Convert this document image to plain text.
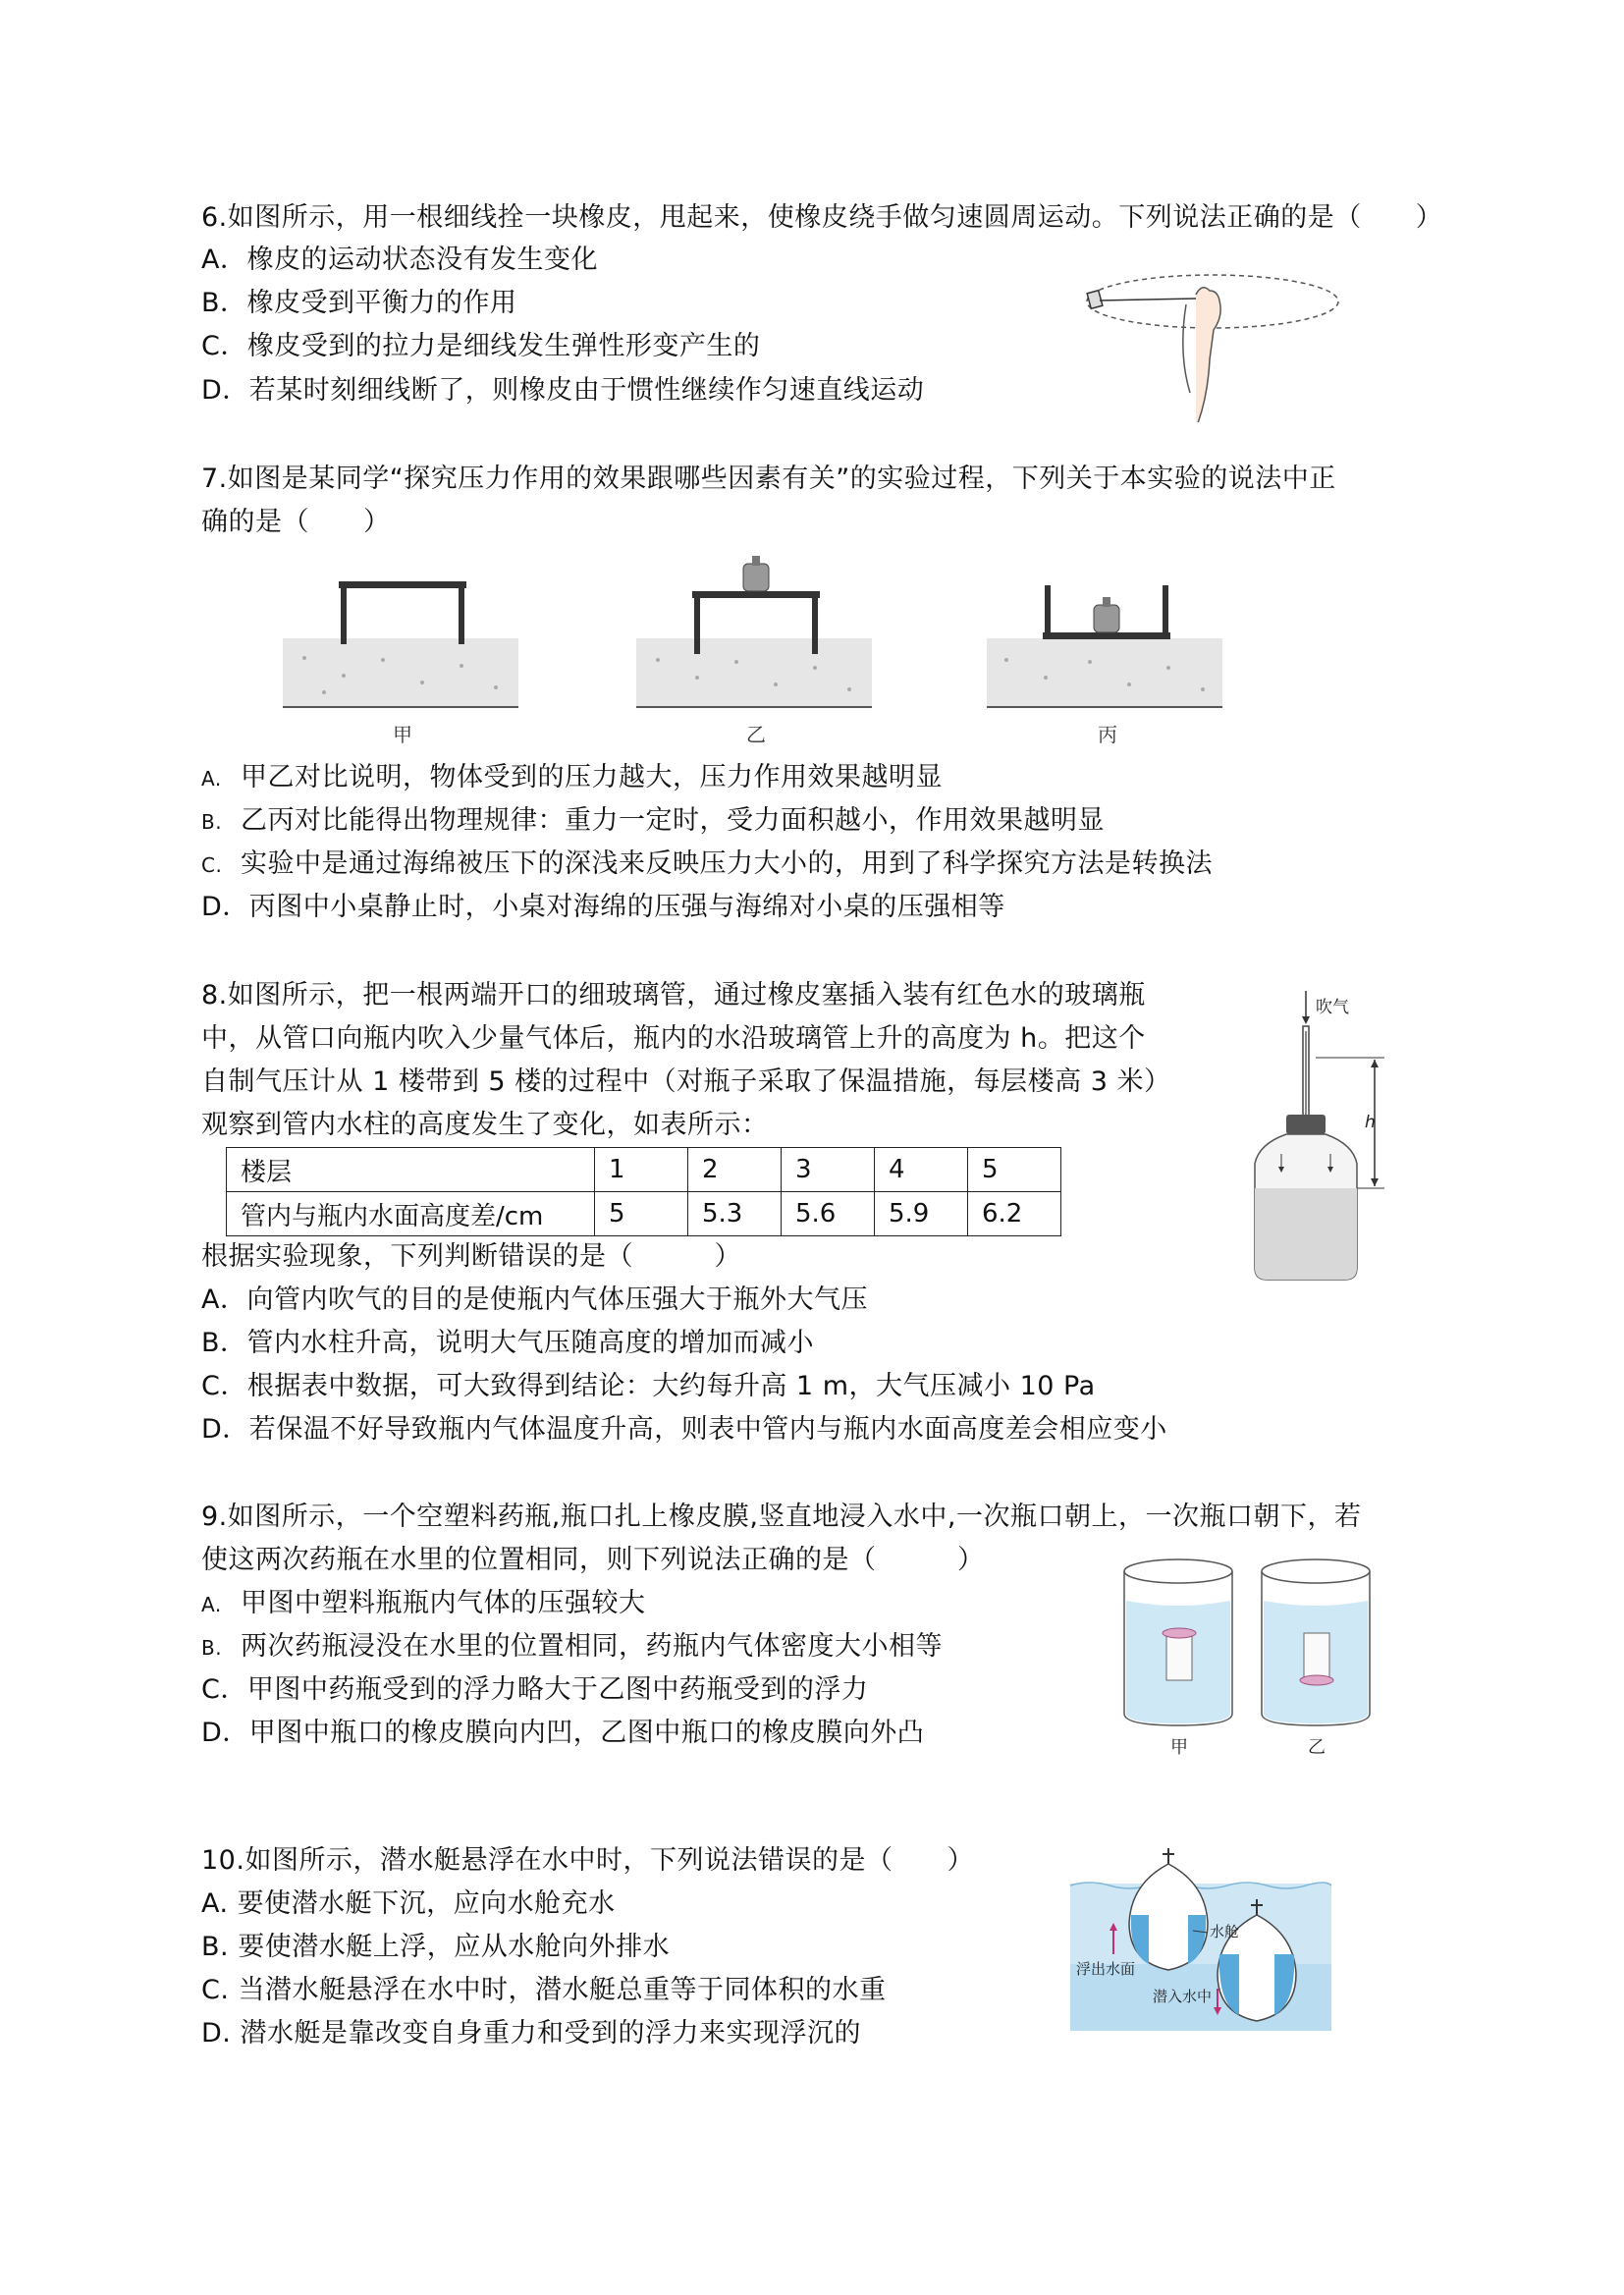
6.如图所示，用一根细线拴一块橡皮，甩起来，使橡皮绕手做匀速圆周运动。下列说法正确的是（　　）
A．橡皮的运动状态没有发生变化
B．橡皮受到平衡力的作用
C．橡皮受到的拉力是细线发生弹性形变产生的
D．若某时刻细线断了，则橡皮由于惯性继续作匀速直线运动
7.如图是某同学“探究压力作用的效果跟哪些因素有关”的实验过程，下列关于本实验的说法中正
确的是（　　）
甲	乙	丙
A. 甲乙对比说明，物体受到的压力越大，压力作用效果越明显
B. 乙丙对比能得出物理规律：重力一定时，受力面积越小，作用效果越明显
C. 实验中是通过海绵被压下的深浅来反映压力大小的，用到了科学探究方法是转换法
D．丙图中小桌静止时，小桌对海绵的压强与海绵对小桌的压强相等
8.如图所示，把一根两端开口的细玻璃管，通过橡皮塞插入装有红色水的玻璃瓶
中，从管口向瓶内吹入少量气体后，瓶内的水沿玻璃管上升的高度为 h。把这个
自制气压计从 1 楼带到 5 楼的过程中（对瓶子采取了保温措施，每层楼高 3 米）
观察到管内水柱的高度发生了变化，如表所示：
楼层	1	2	3	4	5
管内与瓶内水面高度差/cm	5	5.3	5.6	5.9	6.2
根据实验现象，下列判断错误的是（　　　）
A．向管内吹气的目的是使瓶内气体压强大于瓶外大气压
B．管内水柱升高，说明大气压随高度的增加而减小
C．根据表中数据，可大致得到结论：大约每升高 1 m，大气压减小 10 Pa
D．若保温不好导致瓶内气体温度升高，则表中管内与瓶内水面高度差会相应变小
吹气
h
9.如图所示，一个空塑料药瓶,瓶口扎上橡皮膜,竖直地浸入水中,一次瓶口朝上，一次瓶口朝下，若
使这两次药瓶在水里的位置相同，则下列说法正确的是（　　　）
A. 甲图中塑料瓶瓶内气体的压强较大
B. 两次药瓶浸没在水里的位置相同，药瓶内气体密度大小相等
C．甲图中药瓶受到的浮力略大于乙图中药瓶受到的浮力
D．甲图中瓶口的橡皮膜向内凹，乙图中瓶口的橡皮膜向外凸	甲	乙
10.如图所示，潜水艇悬浮在水中时，下列说法错误的是（　　）
A. 要使潜水艇下沉，应向水舱充水
B. 要使潜水艇上浮，应从水舱向外排水
C. 当潜水艇悬浮在水中时，潜水艇总重等于同体积的水重
D. 潜水艇是靠改变自身重力和受到的浮力来实现浮沉的
浮出水面
水舱
潜入水中
